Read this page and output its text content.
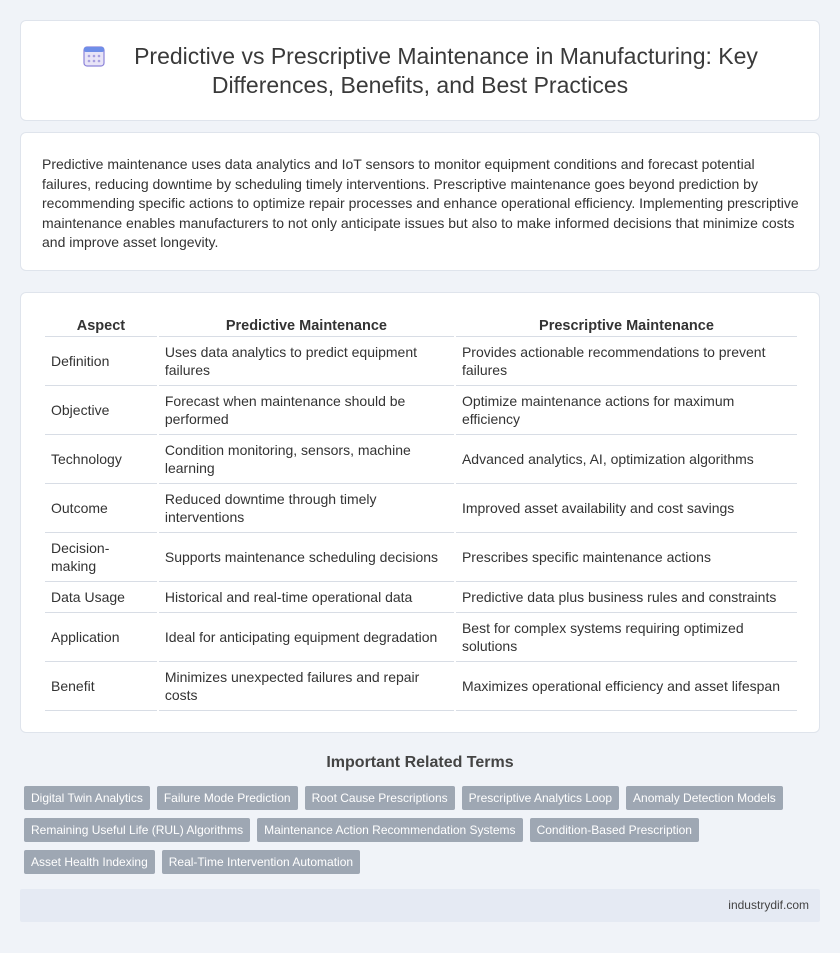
Predictive vs Prescriptive Maintenance in Manufacturing: Key Differences, Benefits, and Best Practices

Predictive maintenance uses data analytics and IoT sensors to monitor equipment conditions and forecast potential failures, reducing downtime by scheduling timely interventions. Prescriptive maintenance goes beyond prediction by recommending specific actions to optimize repair processes and enhance operational efficiency. Implementing prescriptive maintenance enables manufacturers to not only anticipate issues but also to make informed decisions that minimize costs and improve asset longevity.

Aspect	Predictive Maintenance	Prescriptive Maintenance
Definition	Uses data analytics to predict equipment failures	Provides actionable recommendations to prevent failures
Objective	Forecast when maintenance should be performed	Optimize maintenance actions for maximum efficiency
Technology	Condition monitoring, sensors, machine learning	Advanced analytics, AI, optimization algorithms
Outcome	Reduced downtime through timely interventions	Improved asset availability and cost savings
Decision-making	Supports maintenance scheduling decisions	Prescribes specific maintenance actions
Data Usage	Historical and real-time operational data	Predictive data plus business rules and constraints
Application	Ideal for anticipating equipment degradation	Best for complex systems requiring optimized solutions
Benefit	Minimizes unexpected failures and repair costs	Maximizes operational efficiency and asset lifespan
Important Related Terms
Digital Twin Analytics	Failure Mode Prediction	Root Cause Prescriptions	Prescriptive Analytics Loop	Anomaly Detection Models
Remaining Useful Life (RUL) Algorithms	Maintenance Action Recommendation Systems	Condition-Based Prescription
Asset Health Indexing	Real-Time Intervention Automation
industrydif.com
